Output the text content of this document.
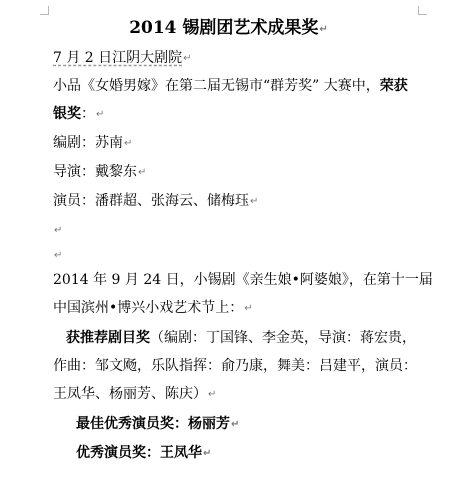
2014 锡剧团艺术成果奖↵
7 月 2 日江阴大剧院↵
小品《女婚男嫁》在第二届无锡市“群芳奖” 大赛中，荣获
银奖：↵
编剧：苏南↵
导演：戴黎东↵
演员：潘群超、张海云、储梅珏↵
↵
↵
2014 年 9 月 24 日，小锡剧《亲生娘•阿婆娘》，在第十一届
中国滨州•博兴小戏艺术节上：↵
获推荐剧目奖（编剧：丁国锋、李金英，导演：蒋宏贵，
作曲：邹文飏，乐队指挥：俞乃康，舞美：吕建平，演员：
王凤华、杨丽芳、陈庆）↵
最佳优秀演员奖：杨丽芳↵
优秀演员奖：王凤华↵
